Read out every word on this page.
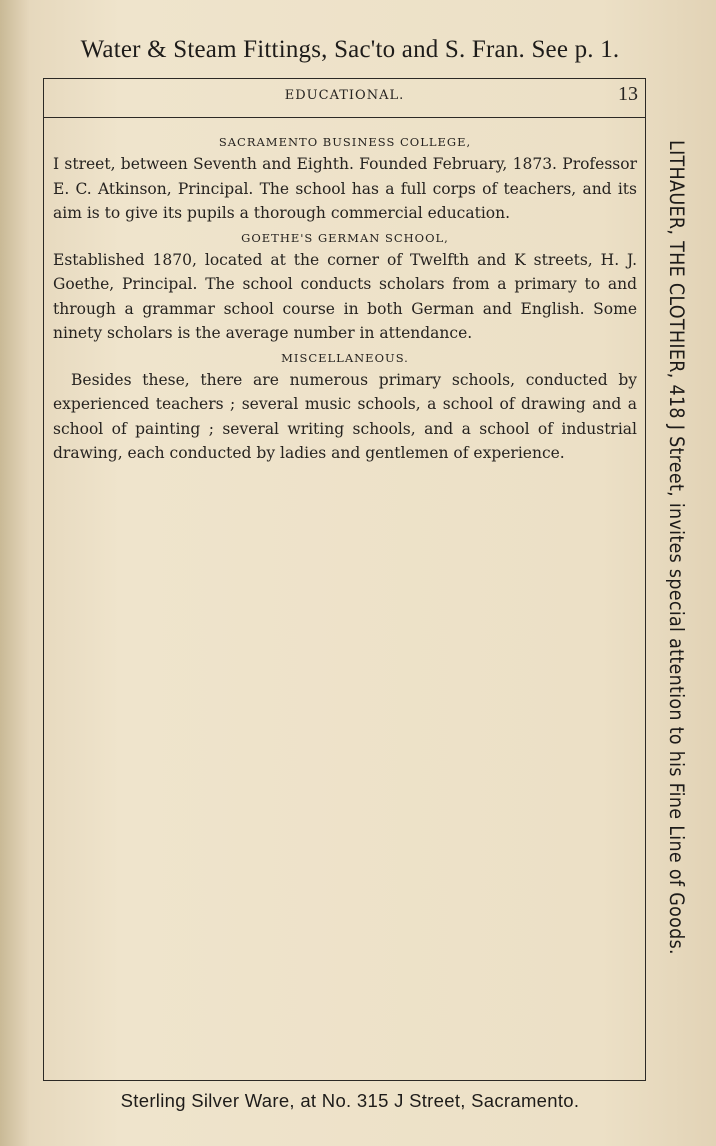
Water & Steam Fittings, Sac'to and S. Fran. See p. 1.
EDUCATIONAL.	13

SACRAMENTO BUSINESS COLLEGE,

I street, between Seventh and Eighth. Founded February, 1873. Professor E. C. Atkinson, Principal. The school has a full corps of teachers, and its aim is to give its pupils a thorough commercial education.

GOETHE'S GERMAN SCHOOL,

Established 1870, located at the corner of Twelfth and K streets, H. J. Goethe, Principal. The school conducts scholars from a primary to and through a grammar school course in both German and English. Some ninety scholars is the average number in attendance.

MISCELLANEOUS.

Besides these, there are numerous primary schools, conducted by experienced teachers ; several music schools, a school of drawing and a school of painting ; several writing schools, and a school of industrial drawing, each conducted by ladies and gentlemen of experience.	LITHAUER, THE CLOTHIER, 418 J Street, invites special attention to his Fine Line of Goods.
Sterling Silver Ware, at No. 315 J Street, Sacramento.
